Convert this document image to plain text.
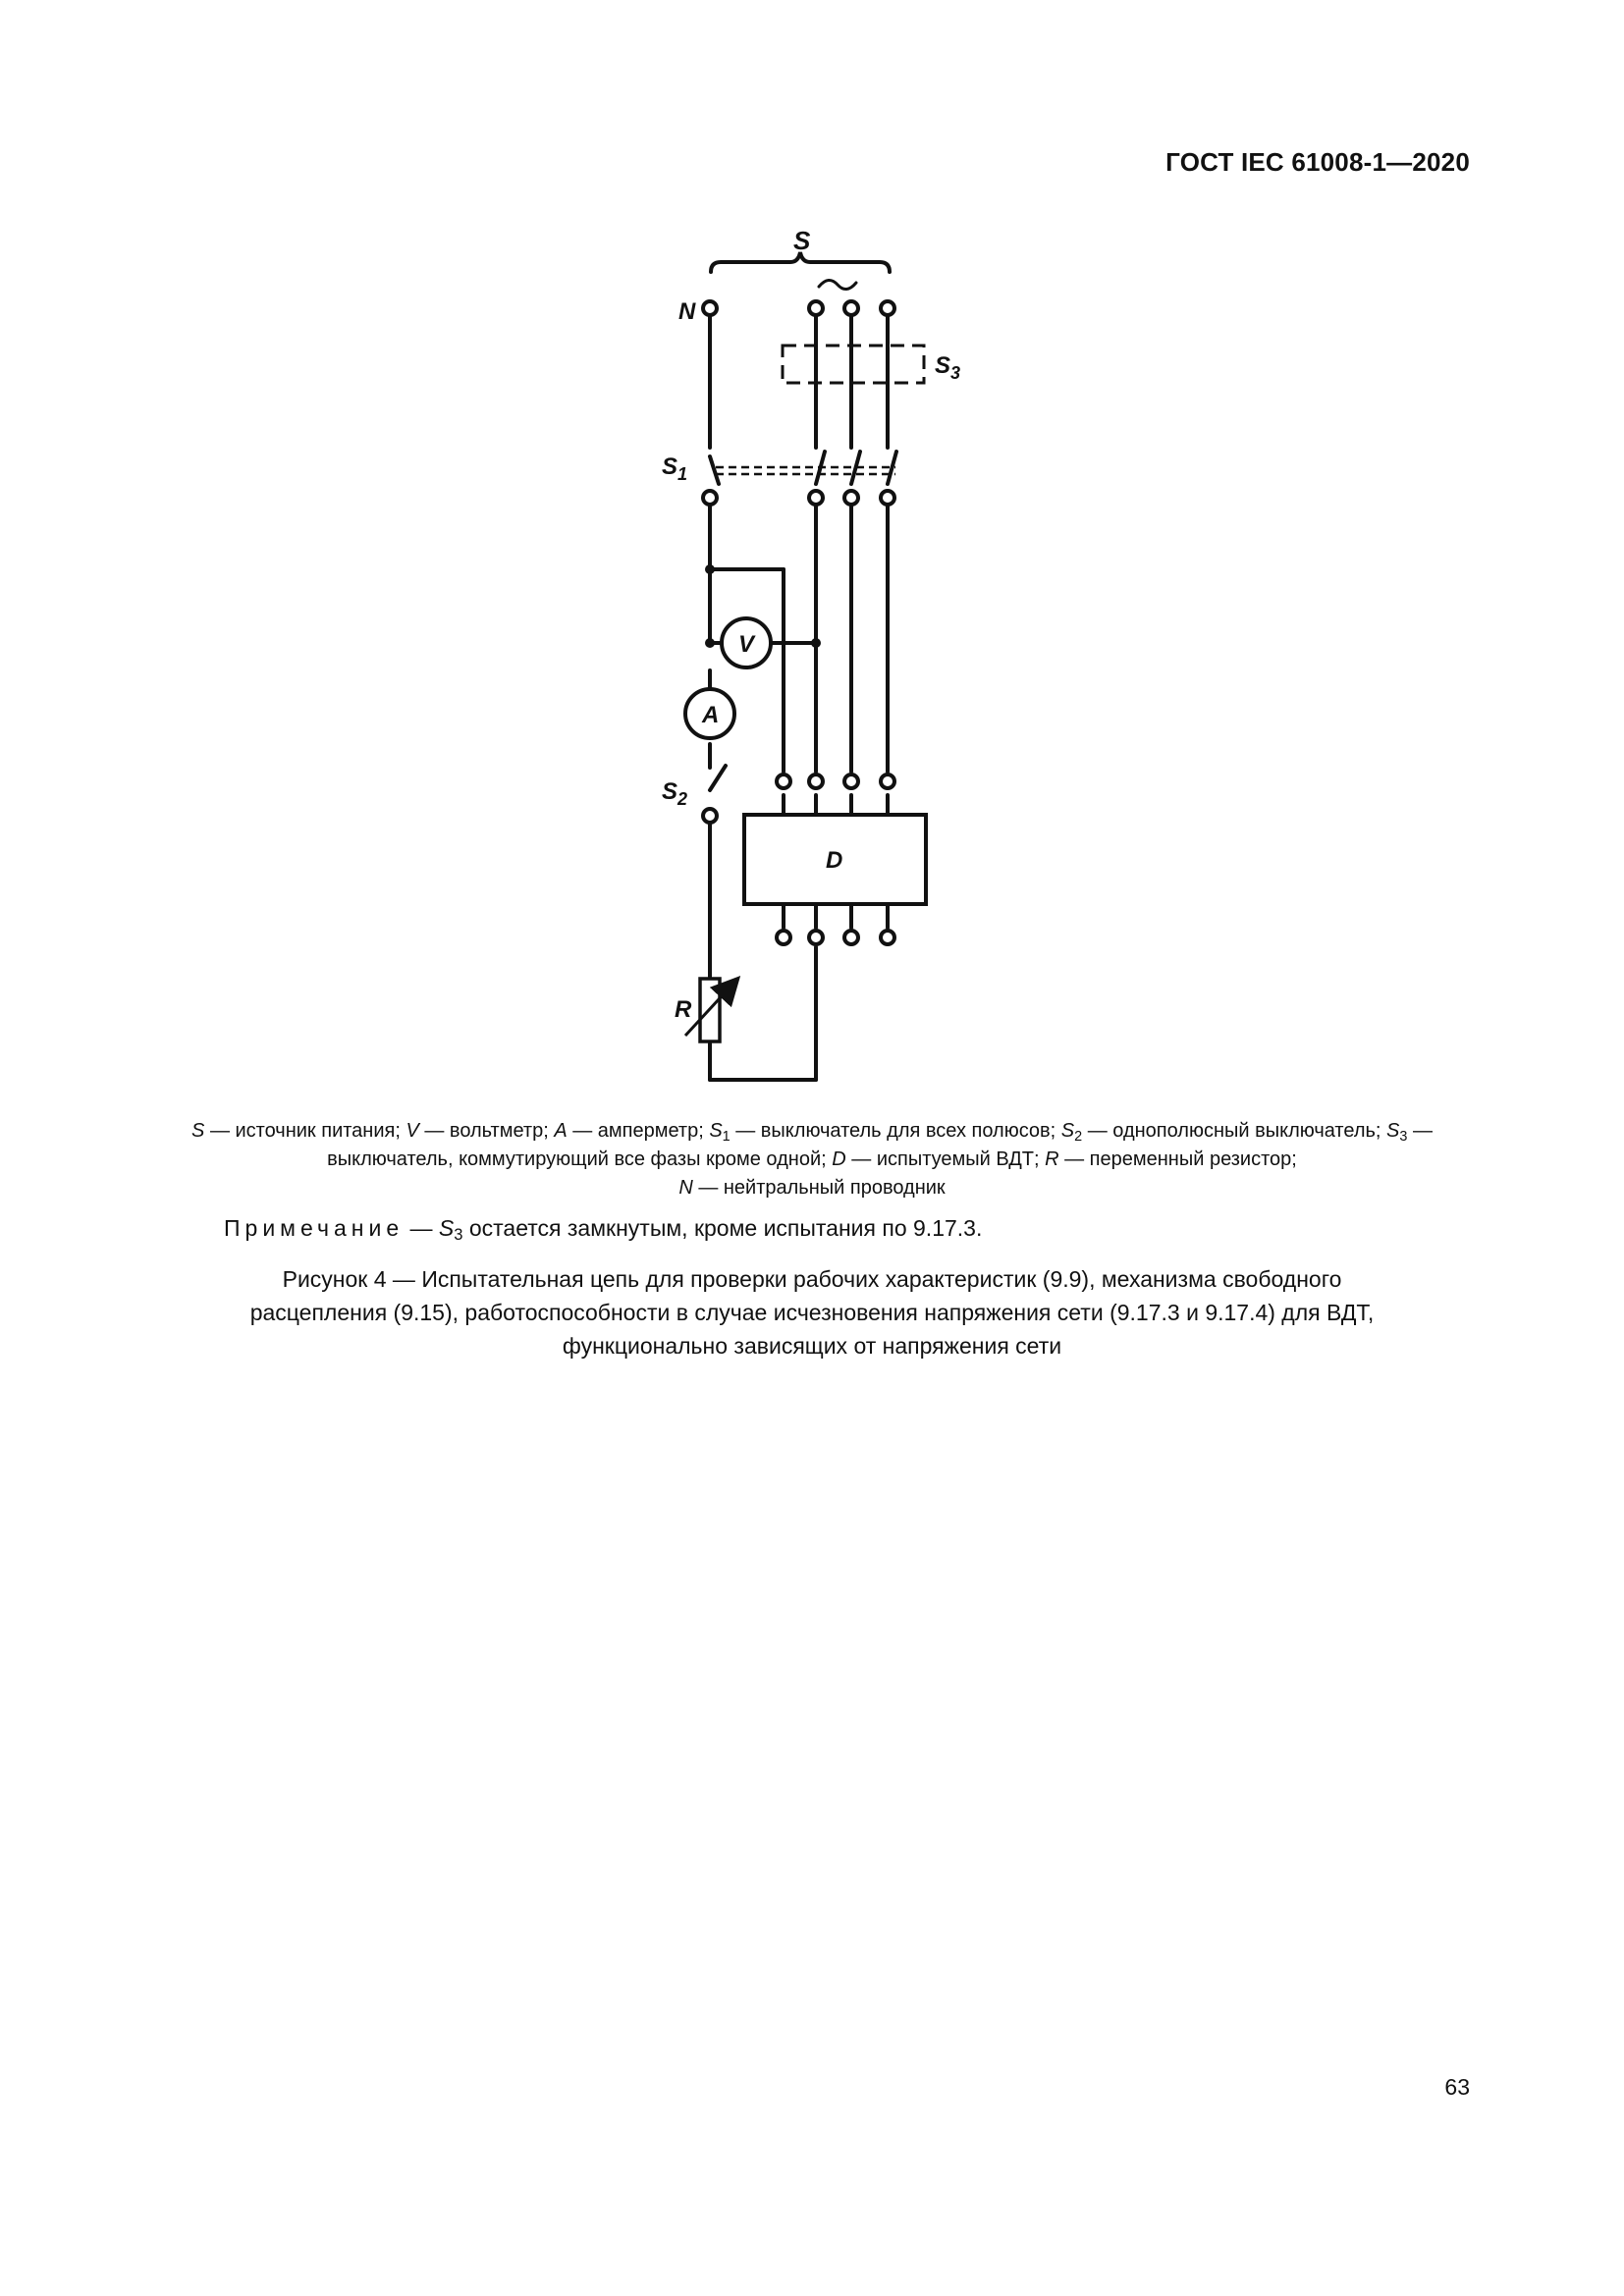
ГОСТ IEC 61008-1—2020
S
N
$S_3$
$S_1$
$S_2$
V
A
D
R
S — источник питания; V — вольтметр; A — амперметр; $S_1$ — выключатель для всех полюсов; $S_2$ — однополюсный выключатель; $S_3$ — выключатель, коммутирующий все фазы кроме одной; D — испытуемый ВДТ; R — переменный резистор;
N — нейтральный проводник
Примечание — $S_3$ остается замкнутым, кроме испытания по 9.17.3.
Рисунок 4 — Испытательная цепь для проверки рабочих характеристик (9.9), механизма свободного
расцепления (9.15), работоспособности в случае исчезновения напряжения сети (9.17.3 и 9.17.4) для ВДТ,
функционально зависящих от напряжения сети
63
